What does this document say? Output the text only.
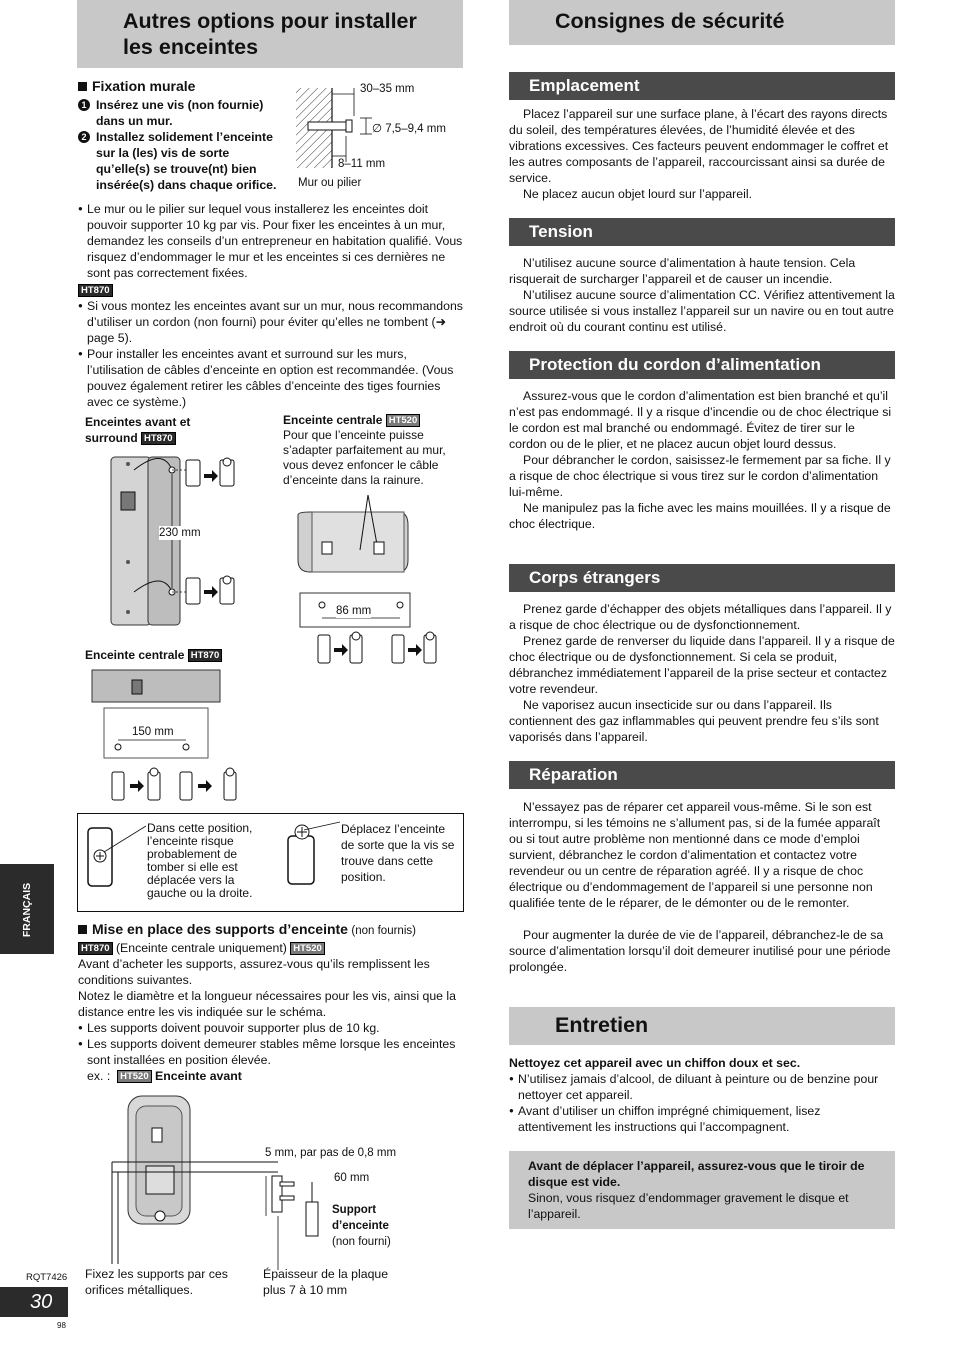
Autres options pour installer
les enceintes
Fixation murale
1 Insérez une vis (non fournie) dans un mur.
2 Installez solidement l’enceinte sur la (les) vis de sorte qu’elle(s) se trouve(nt) bien insérée(s) dans chaque orifice.
30–35 mm
∅ 7,5–9,4 mm
8–11 mm
Mur ou pilier
● Le mur ou le pilier sur lequel vous installerez les enceintes doit pouvoir supporter 10 kg par vis. Pour fixer les enceintes à un mur, demandez les conseils d’un entrepreneur en habitation qualifié. Vous risquez d’endommager le mur et les enceintes si ces dernières ne sont pas correctement fixées.
HT870
● Si vous montez les enceintes avant sur un mur, nous recommandons d’utiliser un cordon (non fourni) pour éviter qu’elles ne tombent (➜ page 5).
● Pour installer les enceintes avant et surround sur les murs, l’utilisation de câbles d’enceinte en option est recommandée. (Vous pouvez également retirer les câbles d’enceinte des tiges fournies avec ce système.)
Enceintes avant et surround HT870
Enceinte centrale HT520
Pour que l’enceinte puisse s’adapter parfaitement au mur, vous devez enfoncer le câble d’enceinte dans la rainure.
230 mm
86 mm
Enceinte centrale HT870
150 mm
Dans cette position, l’enceinte risque probablement de tomber si elle est déplacée vers la gauche ou la droite.
Déplacez l’enceinte de sorte que la vis se trouve dans cette position.
Mise en place des supports d’enceinte (non fournis)
HT870 (Enceinte centrale uniquement) HT520
Avant d’acheter les supports, assurez-vous qu’ils remplissent les conditions suivantes.
Notez le diamètre et la longueur nécessaires pour les vis, ainsi que la distance entre les vis indiquée sur le schéma.
● Les supports doivent pouvoir supporter plus de 10 kg.
● Les supports doivent demeurer stables même lorsque les enceintes sont installées en position élevée.
ex. : HT520 Enceinte avant
5 mm, par pas de 0,8 mm
60 mm
Support d’enceinte
(non fourni)
Fixez les supports par ces orifices métalliques.
Épaisseur de la plaque plus 7 à 10 mm
FRANÇAIS
RQT7426
30
98
Consignes de sécurité
Emplacement

Placez l’appareil sur une surface plane, à l’écart des rayons directs du soleil, des températures élevées, de l’humidité élevée et des vibrations excessives. Ces facteurs peuvent endommager le coffret et les autres composants de l’appareil, raccourcissant ainsi sa durée de service.

Ne placez aucun objet lourd sur l’appareil.

Tension

N’utilisez aucune source d’alimentation à haute tension. Cela risquerait de surcharger l’appareil et de causer un incendie.

N’utilisez aucune source d’alimentation CC. Vérifiez attentivement la source utilisée si vous installez l’appareil sur un navire ou en tout autre endroit où du courant continu est utilisé.

Protection du cordon d’alimentation

Assurez-vous que le cordon d’alimentation est bien branché et qu’il n’est pas endommagé. Il y a risque d’incendie ou de choc électrique si le cordon est mal branché ou endommagé. Évitez de tirer sur le cordon ou de le plier, et ne placez aucun objet lourd dessus.

Pour débrancher le cordon, saisissez-le fermement par sa fiche. Il y a risque de choc électrique si vous tirez sur le cordon d’alimentation lui-même.

Ne manipulez pas la fiche avec les mains mouillées. Il y a risque de choc électrique.

Corps étrangers

Prenez garde d’échapper des objets métalliques dans l’appareil. Il y a risque de choc électrique ou de dysfonctionnement.

Prenez garde de renverser du liquide dans l’appareil. Il y a risque de choc électrique ou de dysfonctionnement. Si cela se produit, débranchez immédiatement l’appareil de la prise secteur et contactez votre revendeur.

Ne vaporisez aucun insecticide sur ou dans l’appareil. Ils contiennent des gaz inflammables qui peuvent prendre feu s’ils sont vaporisés dans l’appareil.

Réparation

N’essayez pas de réparer cet appareil vous-même. Si le son est interrompu, si les témoins ne s’allument pas, si de la fumée apparaît ou si tout autre problème non mentionné dans ce mode d’emploi survient, débranchez le cordon d’alimentation et contactez votre revendeur ou un centre de réparation agréé. Il y a risque de choc électrique ou d’endommagement de l’appareil si une personne non qualifiée tente de le réparer, de le démonter ou de le remonter.

Pour augmenter la durée de vie de l’appareil, débranchez-le de sa source d’alimentation lorsqu’il doit demeurer inutilisé pour une période prolongée.

Entretien
Nettoyez cet appareil avec un chiffon doux et sec.
● N’utilisez jamais d’alcool, de diluant à peinture ou de benzine pour nettoyer cet appareil.
● Avant d’utiliser un chiffon imprégné chimiquement, lisez attentivement les instructions qui l’accompagnent.
Avant de déplacer l’appareil, assurez-vous que le tiroir de disque est vide.
Sinon, vous risquez d’endommager gravement le disque et l’appareil.
